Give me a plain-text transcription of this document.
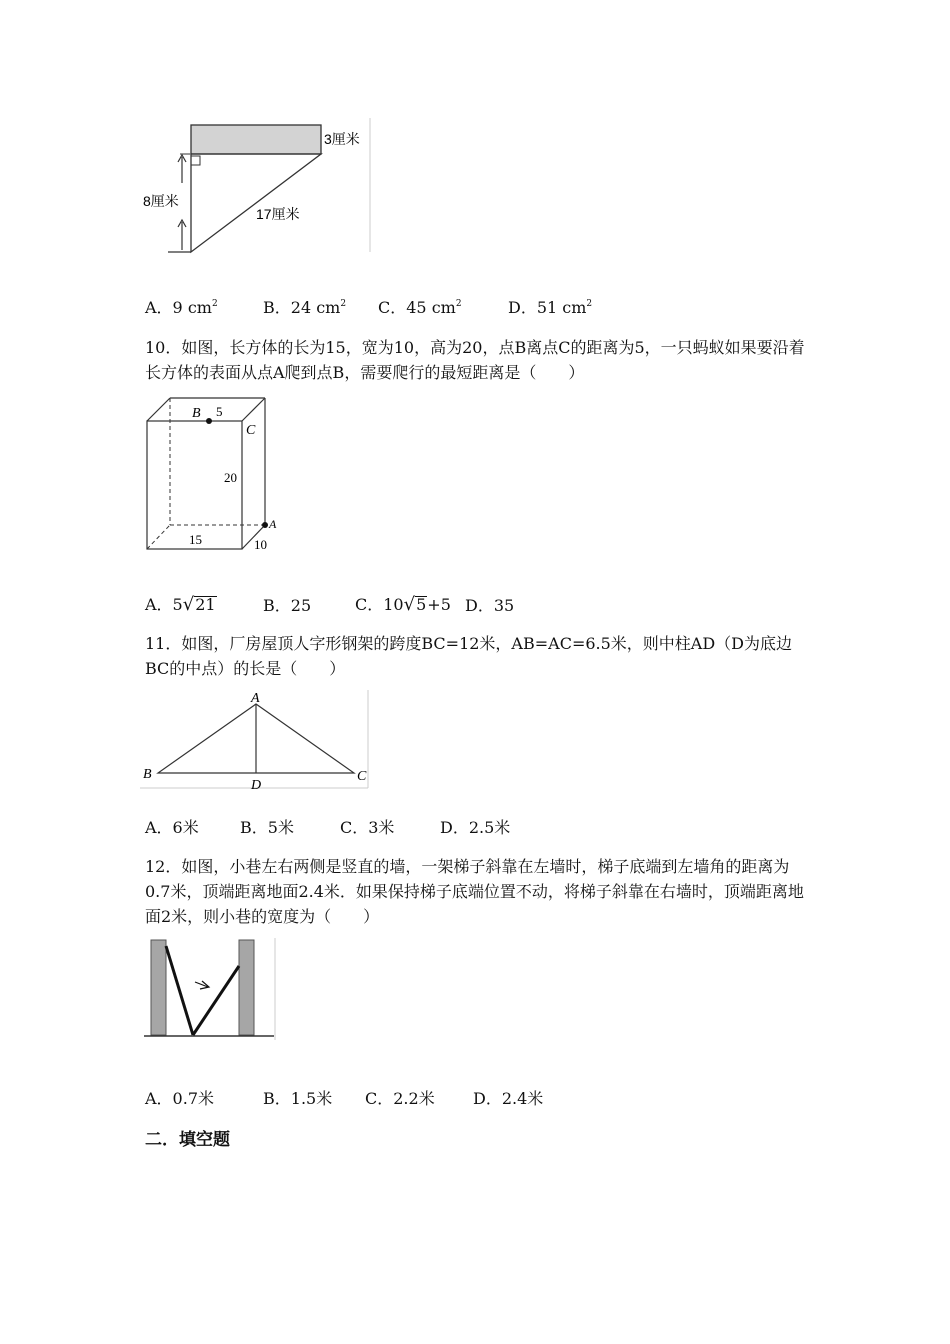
3厘米
8厘米
17厘米
A．9 $cm^2$	B．24 $cm^2$ C．45 $cm^2$	D．51 $cm^2$
10．如图，长方体的长为15，宽为10，高为20，点B离点C的距离为5，一只蚂蚁如果要沿着长方体的表面从点A爬到点B，需要爬行的最短距离是（　　）
B 5
C
20
A
15	10
A．5√21	B．25	C．10√5+5 D．35
11．如图，厂房屋顶人字形钢架的跨度BC=12米，AB=AC=6.5米，则中柱AD（D为底边BC的中点）的长是（　　）
A
B	C
D
A．6米	B．5米	C．3米	D．2.5米
12．如图，小巷左右两侧是竖直的墙，一架梯子斜靠在左墙时，梯子底端到左墙角的距离为0.7米，顶端距离地面2.4米．如果保持梯子底端位置不动，将梯子斜靠在右墙时，顶端距离地面2米，则小巷的宽度为（　　）
A．0.7米	B．1.5米 C．2.2米 D．2.4米
二．填空题
